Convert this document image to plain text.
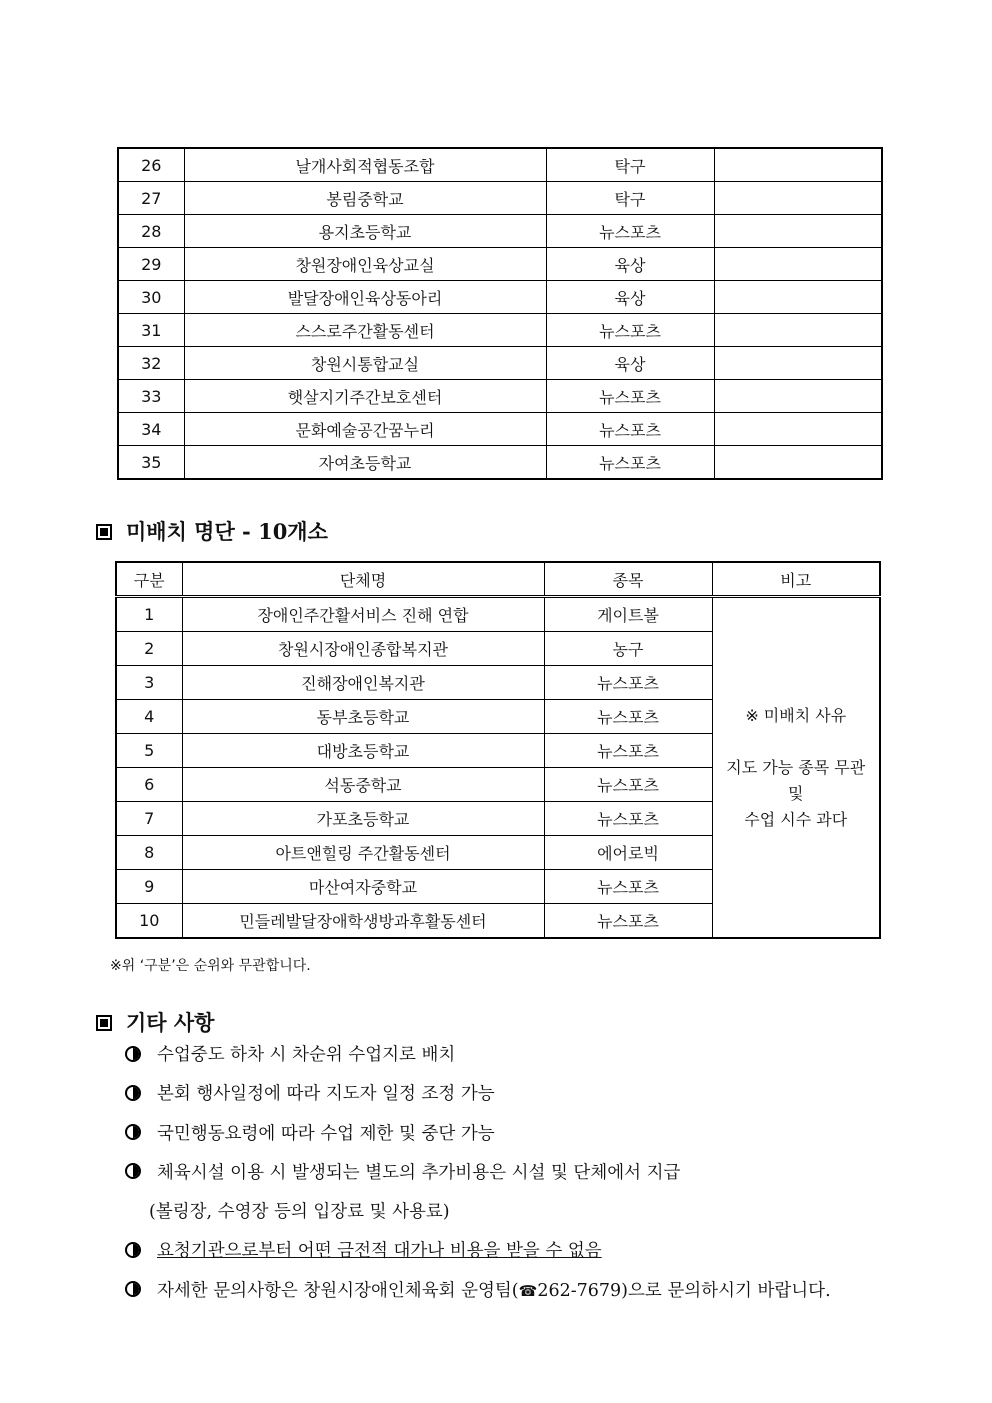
26	날개사회적협동조합	탁구	
27	봉림중학교	탁구	
28	용지초등학교	뉴스포츠	
29	창원장애인육상교실	육상	
30	발달장애인육상동아리	육상	
31	스스로주간활동센터	뉴스포츠	
32	창원시통합교실	육상	
33	햇살지기주간보호센터	뉴스포츠	
34	문화예술공간꿈누리	뉴스포츠	
35	자여초등학교	뉴스포츠	
미배치 명단 - 10개소
구분	단체명	종목	비고
1	장애인주간활서비스 진해 연합	게이트볼	※ 미배치 사유
지도 가능 종목 무관
및
수업 시수 과다

2	창원시장애인종합복지관	농구	
3	진해장애인복지관	뉴스포츠	
4	동부초등학교	뉴스포츠	
5	대방초등학교	뉴스포츠	
6	석동중학교	뉴스포츠	
7	가포초등학교	뉴스포츠	
8	아트앤힐링 주간활동센터	에어로빅	
9	마산여자중학교	뉴스포츠	
10	민들레발달장애학생방과후활동센터	뉴스포츠	
※위 ‘구분’은 순위와 무관합니다.
기타 사항
수업중도 하차 시 차순위 수업지로 배치
본회 행사일정에 따라 지도자 일정 조정 가능
국민행동요령에 따라 수업 제한 및 중단 가능
체육시설 이용 시 발생되는 별도의 추가비용은 시설 및 단체에서 지급
(볼링장, 수영장 등의 입장료 및 사용료)
요청기관으로부터 어떤 금전적 대가나 비용을 받을 수 없음
자세한 문의사항은 창원시장애인체육회 운영팀(☎262-7679)으로 문의하시기 바랍니다.
